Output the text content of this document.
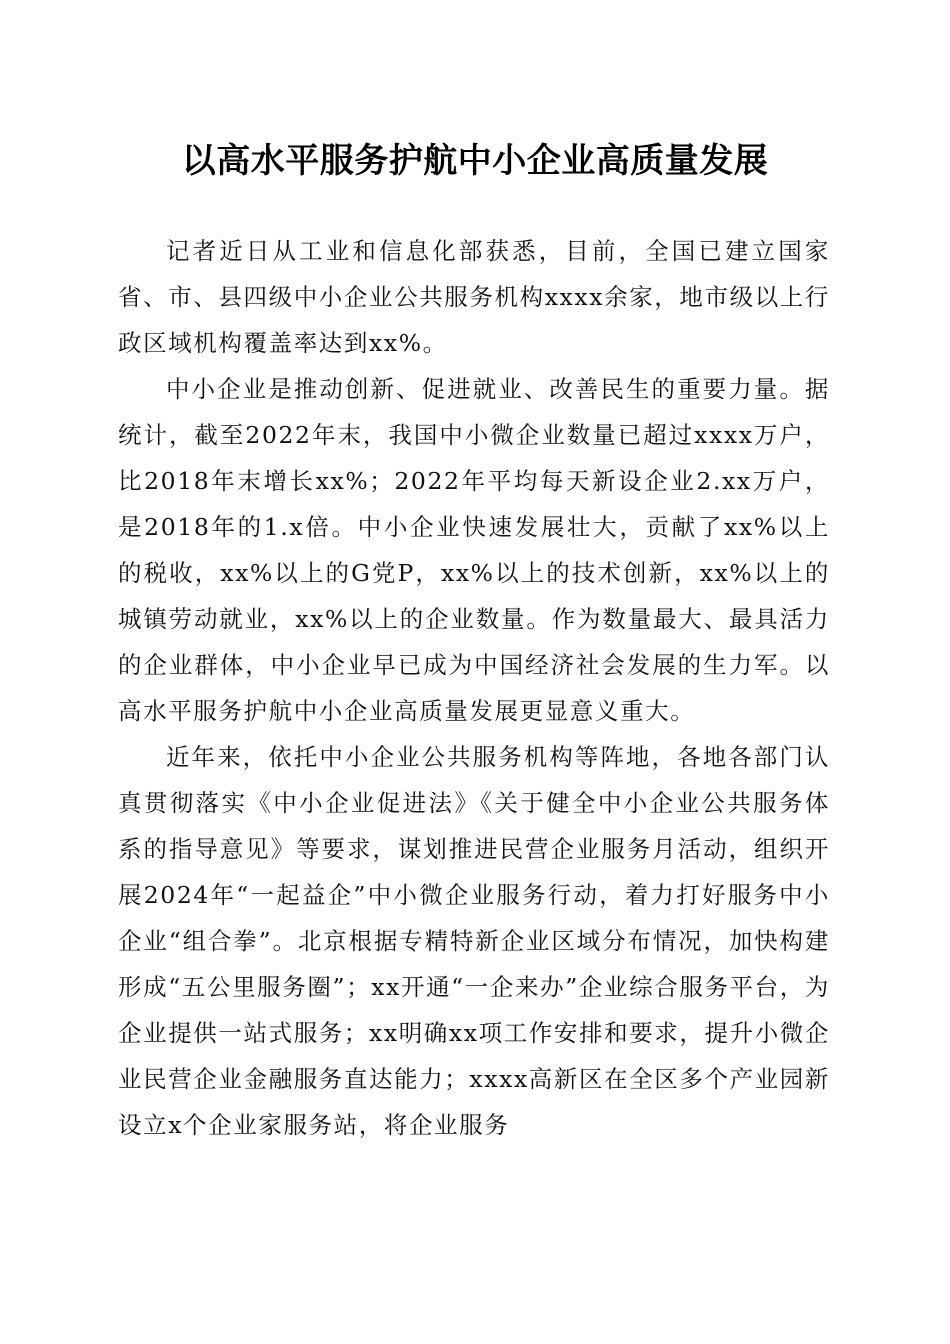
以高水平服务护航中小企业高质量发展

记者近日从工业和信息化部获悉，目前，全国已建立国家省、市、县四级中小企业公共服务机构xxxx余家，地市级以上行政区域机构覆盖率达到xx%。

中小企业是推动创新、促进就业、改善民生的重要力量。据统计，截至2022年末，我国中小微企业数量已超过xxxx万户，比2018年末增长xx%；2022年平均每天新设企业2.xx万户，是2018年的1.x倍。中小企业快速发展壮大，贡献了xx%以上的税收，xx%以上的G党P，xx%以上的技术创新，xx%以上的城镇劳动就业，xx%以上的企业数量。作为数量最大、最具活力的企业群体，中小企业早已成为中国经济社会发展的生力军。以高水平服务护航中小企业高质量发展更显意义重大。

近年来，依托中小企业公共服务机构等阵地，各地各部门认真贯彻落实《中小企业促进法》《关于健全中小企业公共服务体系的指导意见》等要求，谋划推进民营企业服务月活动，组织开展2024年“一起益企”中小微企业服务行动，着力打好服务中小企业“组合拳”。北京根据专精特新企业区域分布情况，加快构建形成“五公里服务圈”；xx开通“一企来办”企业综合服务平台，为企业提供一站式服务；xx明确xx项工作安排和要求，提升小微企业民营企业金融服务直达能力；xxxx高新区在全区多个产业园新设立x个企业家服务站，将企业服务
